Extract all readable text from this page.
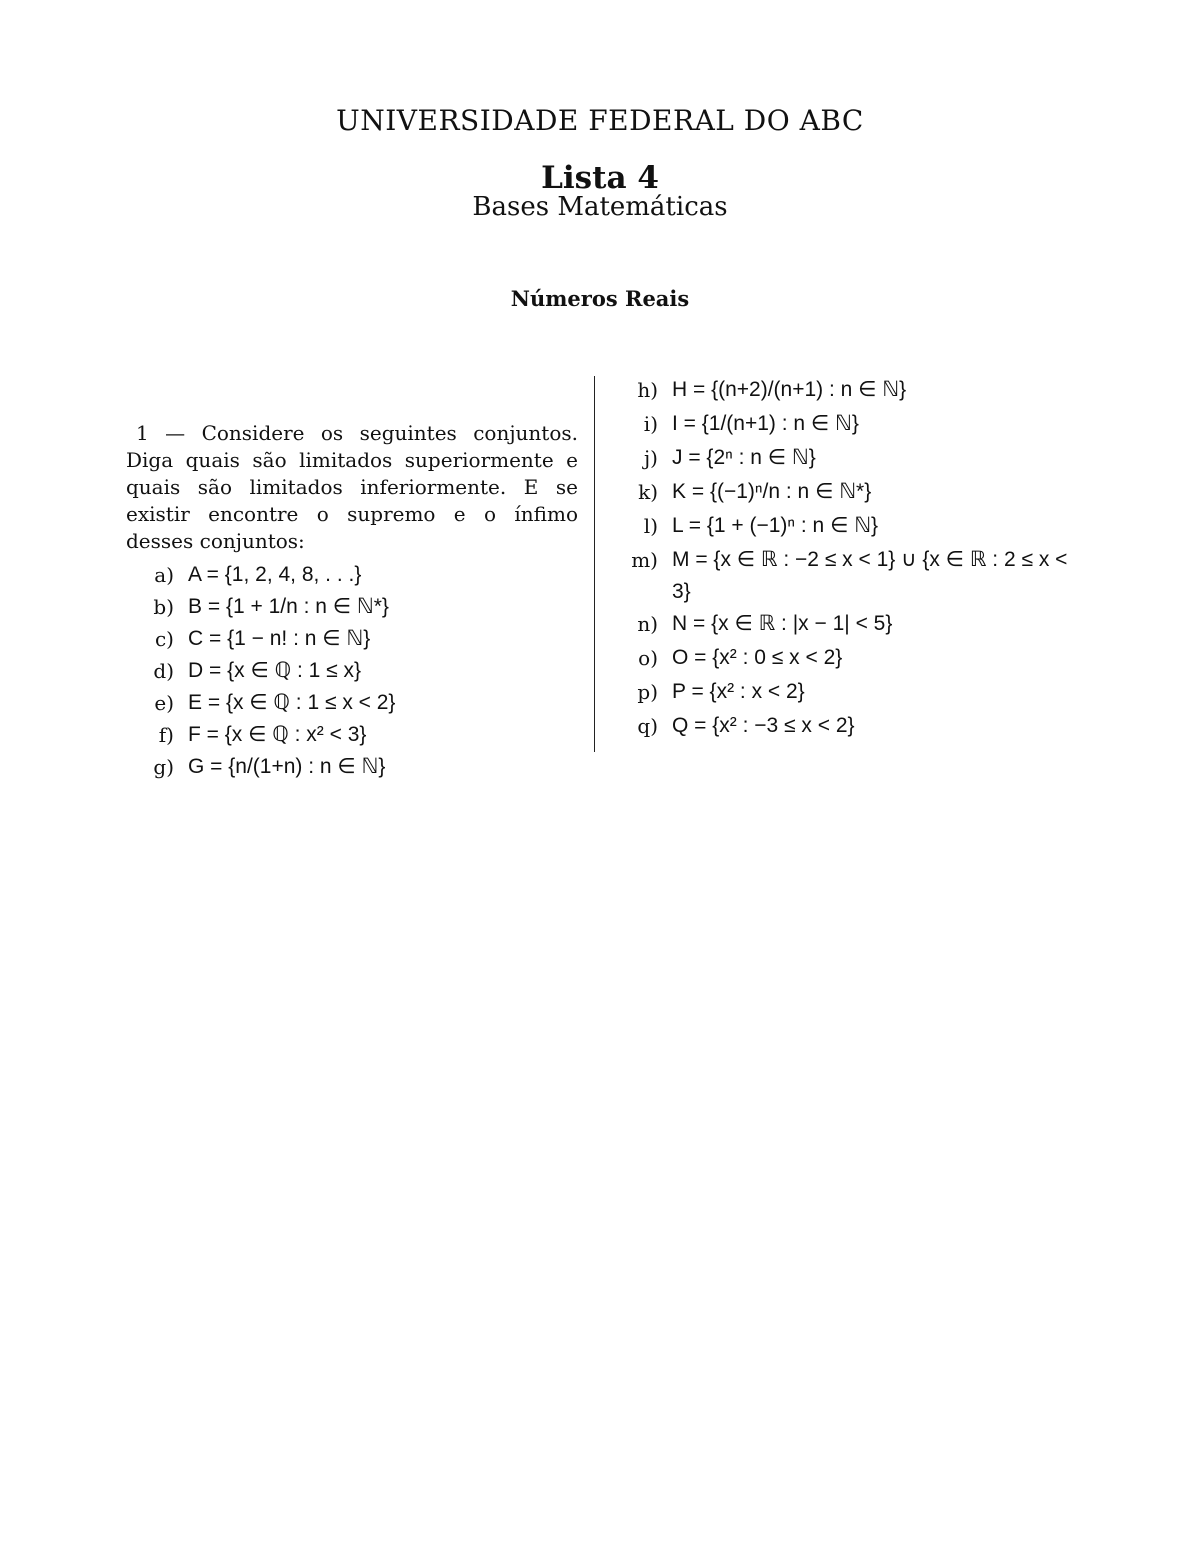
UNIVERSIDADE FEDERAL DO ABC
Lista 4
Bases Matemáticas
Números Reais

1 — Considere os seguintes conjuntos. Diga quais são limitados superiormente e quais são limitados inferiormente. E se existir encontre o supremo e o ínfimo desses conjuntos:

a) A = {1, 2, 4, 8, . . .}
b) B = {1 + 1/n : n ∈ ℕ*}
c) C = {1 − n! : n ∈ ℕ}
d) D = {x ∈ ℚ : 1 ≤ x}
e) E = {x ∈ ℚ : 1 ≤ x < 2}
f) F = {x ∈ ℚ : x² < 3}
g) G = {n/(1+n) : n ∈ ℕ}
h) H = {(n+2)/(n+1) : n ∈ ℕ}
i) I = {1/(n+1) : n ∈ ℕ}
j) J = {2ⁿ : n ∈ ℕ}
k) K = {(−1)ⁿ/n : n ∈ ℕ*}
l) L = {1 + (−1)ⁿ : n ∈ ℕ}
m) M = {x ∈ ℝ : −2 ≤ x < 1} ∪ {x ∈ ℝ : 2 ≤ x < 3}
n) N = {x ∈ ℝ : |x − 1| < 5}
o) O = {x² : 0 ≤ x < 2}
p) P = {x² : x < 2}
q) Q = {x² : −3 ≤ x < 2}
